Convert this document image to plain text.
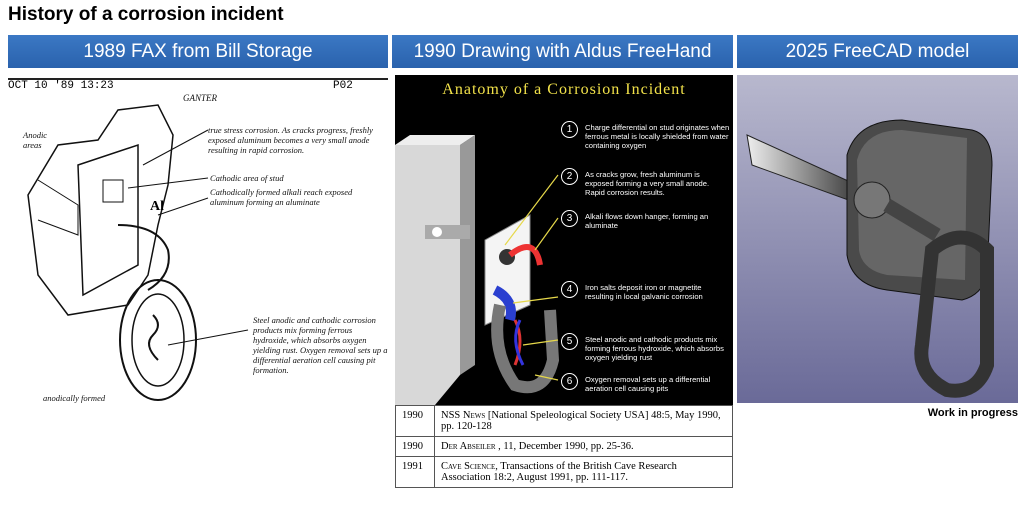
History of a corrosion incident
1989 FAX from Bill Storage	1990 Drawing with Aldus FreeHand	2025 FreeCAD model
OCT 10 '89 13:23	P02
GANTER
Al
Anodic areas
true stress corrosion. As cracks progress, freshly exposed aluminum becomes a very small anode resulting in rapid corrosion.
Cathodic area of stud
Cathodically formed alkali reach exposed aluminum forming an aluminate
Steel anodic and cathodic corrosion products mix forming ferrous hydroxide, which absorbs oxygen yielding rust. Oxygen removal sets up a differential aeration cell causing pit formation.
anodically formed
Anatomy of a Corrosion Incident
1	Charge differential on stud originates when ferrous metal is locally shielded from water containing oxygen
2	As cracks grow, fresh aluminum is exposed forming a very small anode. Rapid corrosion results.
3	Alkali flows down hanger, forming an aluminate
4	Iron salts deposit iron or magnetite resulting in local galvanic corrosion
5	Steel anodic and cathodic products mix forming ferrous hydroxide, which absorbs oxygen yielding rust
6	Oxygen removal sets up a differential aeration cell causing pits
Work in progress
1990	NSS News [National Speleological Society USA] 48:5, May 1990, pp. 120-128
1990	Der Abseiler , 11, December 1990, pp. 25-36.
1991	Cave Science, Transactions of the British Cave Research Association 18:2, August 1991, pp. 111-117.
